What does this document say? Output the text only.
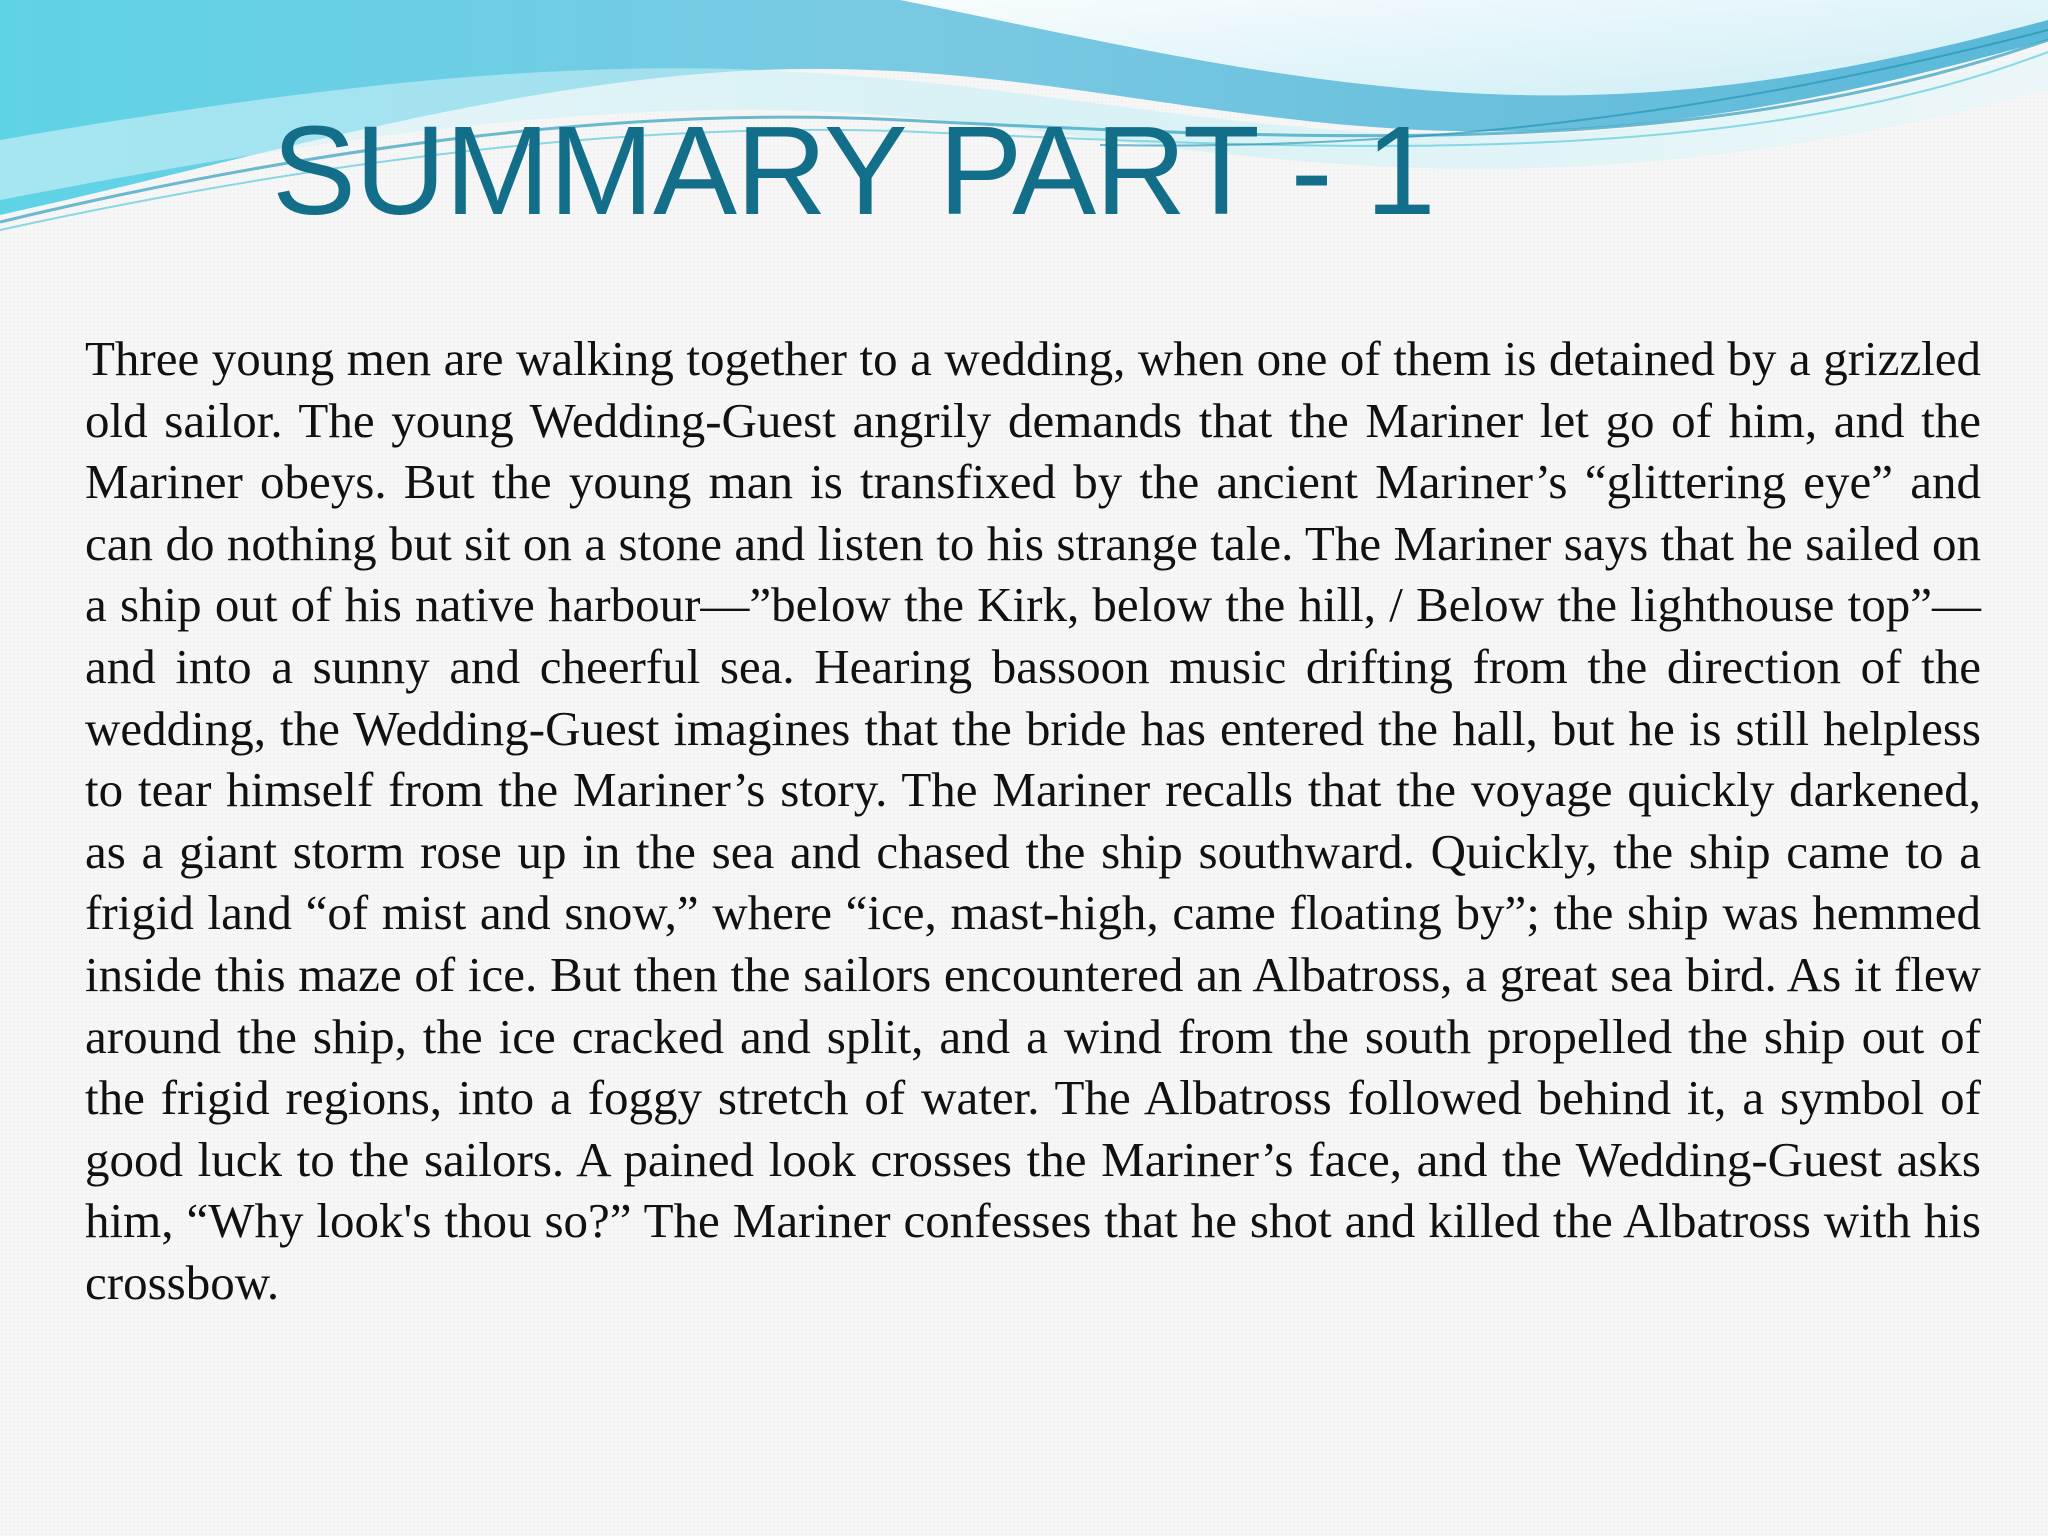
SUMMARY PART - 1

Three young men are walking together to a wedding, when one of them is detained by a grizzled old sailor. The young Wedding-Guest angrily demands that the Mariner let go of him, and the Mariner obeys. But the young man is transfixed by the ancient Mariner’s “glittering eye” and can do nothing but sit on a stone and listen to his strange tale. The Mariner says that he sailed on a ship out of his native harbour—”below the Kirk, below the hill, / Below the lighthouse top”—and into a sunny and cheerful sea. Hearing bassoon music drifting from the direction of the wedding, the Wedding-Guest imagines that the bride has entered the hall, but he is still helpless to tear himself from the Mariner’s story. The Mariner recalls that the voyage quickly darkened, as a giant storm rose up in the sea and chased the ship southward. Quickly, the ship came to a frigid land “of mist and snow,” where “ice, mast-high, came floating by”; the ship was hemmed inside this maze of ice. But then the sailors encountered an Albatross, a great sea bird. As it flew around the ship, the ice cracked and split, and a wind from the south propelled the ship out of the frigid regions, into a foggy stretch of water. The Albatross followed behind it, a symbol of good luck to the sailors. A pained look crosses the Mariner’s face, and the Wedding-Guest asks him, “Why look's thou so?” The Mariner confesses that he shot and killed the Albatross with his crossbow.
